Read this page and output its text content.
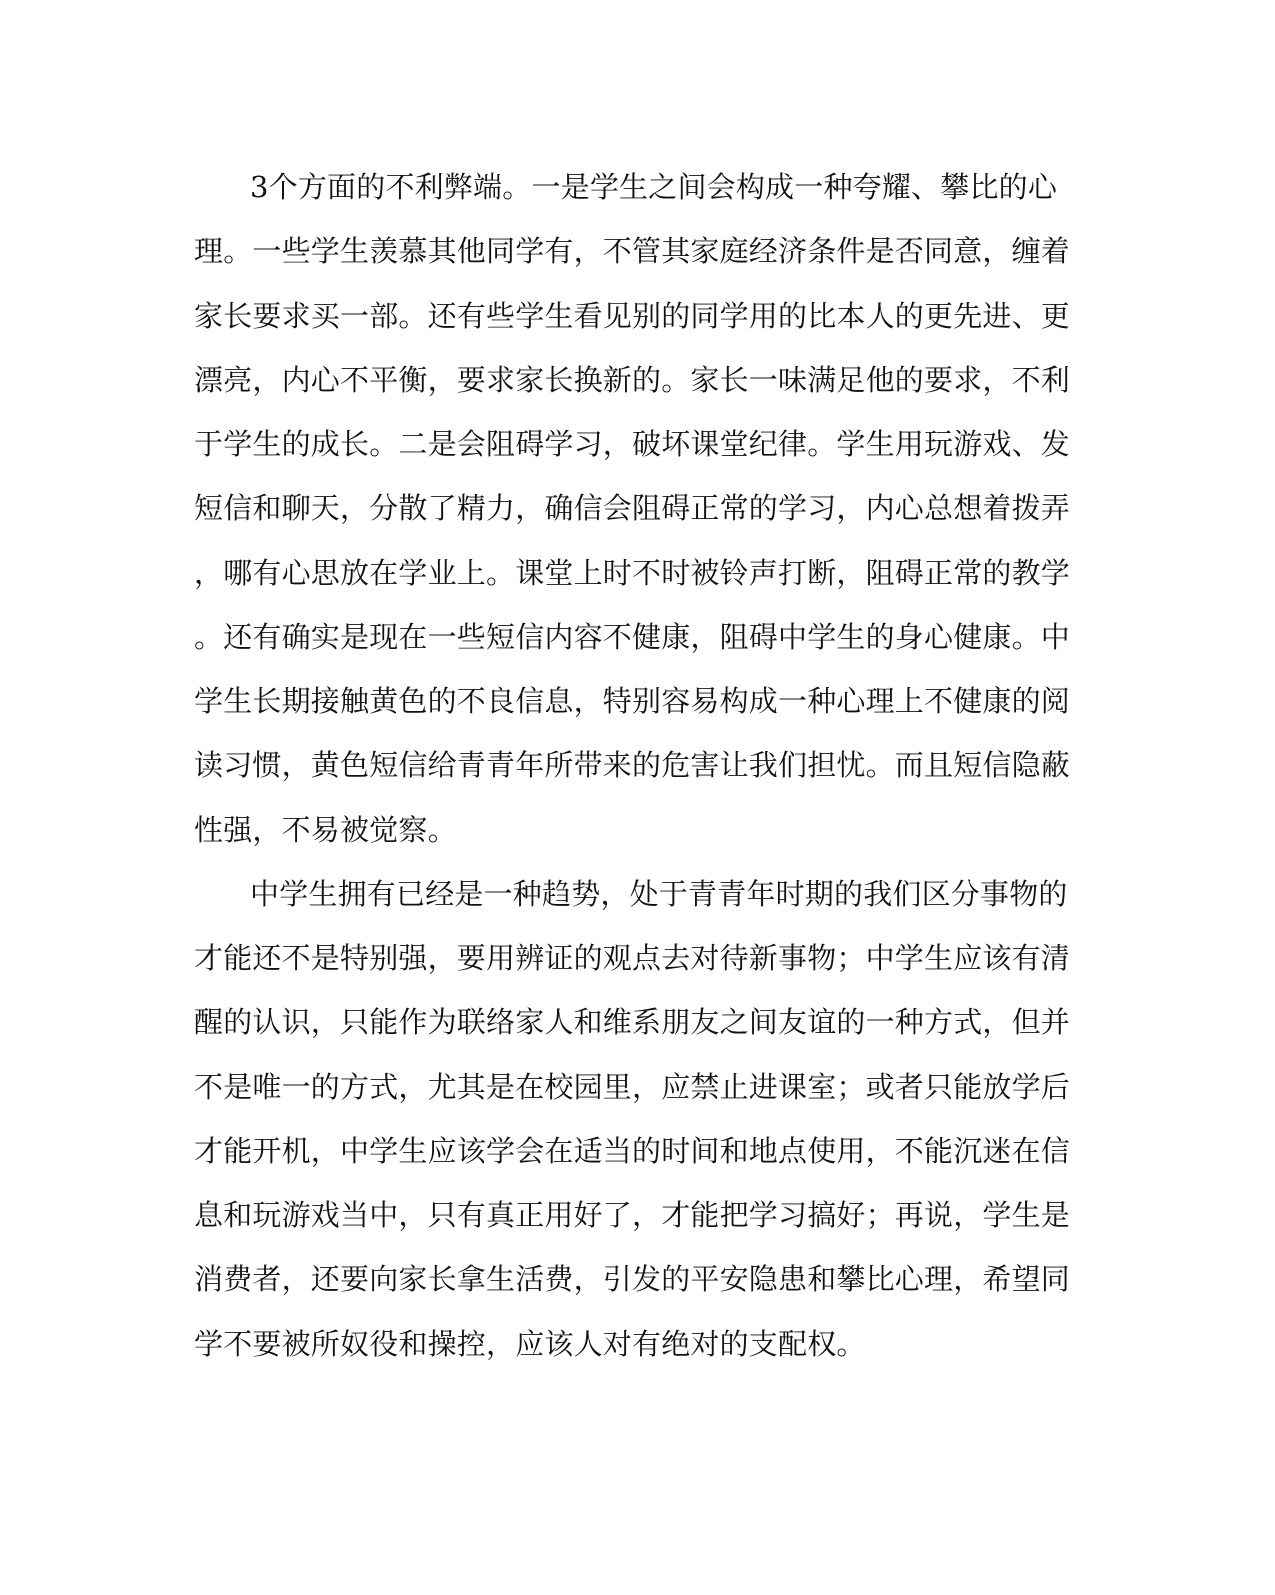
3个方面的不利弊端。一是学生之间会构成一种夸耀、攀比的心
理。一些学生羡慕其他同学有，不管其家庭经济条件是否同意，缠着
家长要求买一部。还有些学生看见别的同学用的比本人的更先进、更
漂亮，内心不平衡，要求家长换新的。家长一味满足他的要求，不利
于学生的成长。二是会阻碍学习，破坏课堂纪律。学生用玩游戏、发
短信和聊天，分散了精力，确信会阻碍正常的学习，内心总想着拨弄
，哪有心思放在学业上。课堂上时不时被铃声打断，阻碍正常的教学
。还有确实是现在一些短信内容不健康，阻碍中学生的身心健康。中
学生长期接触黄色的不良信息，特别容易构成一种心理上不健康的阅
读习惯，黄色短信给青青年所带来的危害让我们担忧。而且短信隐蔽
性强，不易被觉察。
中学生拥有已经是一种趋势，处于青青年时期的我们区分事物的
才能还不是特别强，要用辨证的观点去对待新事物；中学生应该有清
醒的认识，只能作为联络家人和维系朋友之间友谊的一种方式，但并
不是唯一的方式，尤其是在校园里，应禁止进课室；或者只能放学后
才能开机，中学生应该学会在适当的时间和地点使用，不能沉迷在信
息和玩游戏当中，只有真正用好了，才能把学习搞好；再说，学生是
消费者，还要向家长拿生活费，引发的平安隐患和攀比心理，希望同
学不要被所奴役和操控，应该人对有绝对的支配权。
